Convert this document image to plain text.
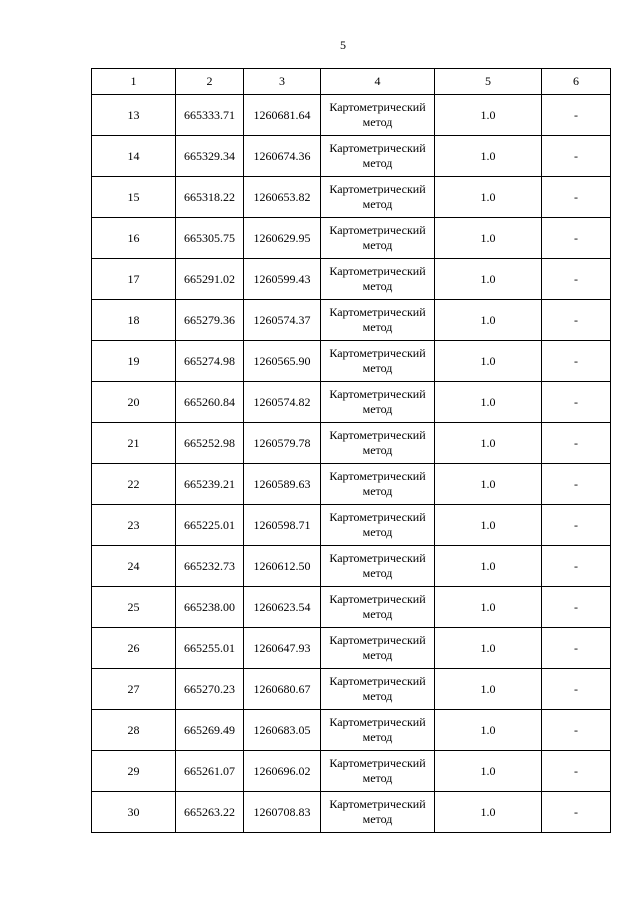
5
1	2	3	4	5	6
13	665333.71	1260681.64	Картометрический метод	1.0	-
14	665329.34	1260674.36	Картометрический метод	1.0	-
15	665318.22	1260653.82	Картометрический метод	1.0	-
16	665305.75	1260629.95	Картометрический метод	1.0	-
17	665291.02	1260599.43	Картометрический метод	1.0	-
18	665279.36	1260574.37	Картометрический метод	1.0	-
19	665274.98	1260565.90	Картометрический метод	1.0	-
20	665260.84	1260574.82	Картометрический метод	1.0	-
21	665252.98	1260579.78	Картометрический метод	1.0	-
22	665239.21	1260589.63	Картометрический метод	1.0	-
23	665225.01	1260598.71	Картометрический метод	1.0	-
24	665232.73	1260612.50	Картометрический метод	1.0	-
25	665238.00	1260623.54	Картометрический метод	1.0	-
26	665255.01	1260647.93	Картометрический метод	1.0	-
27	665270.23	1260680.67	Картометрический метод	1.0	-
28	665269.49	1260683.05	Картометрический метод	1.0	-
29	665261.07	1260696.02	Картометрический метод	1.0	-
30	665263.22	1260708.83	Картометрический метод	1.0	-
